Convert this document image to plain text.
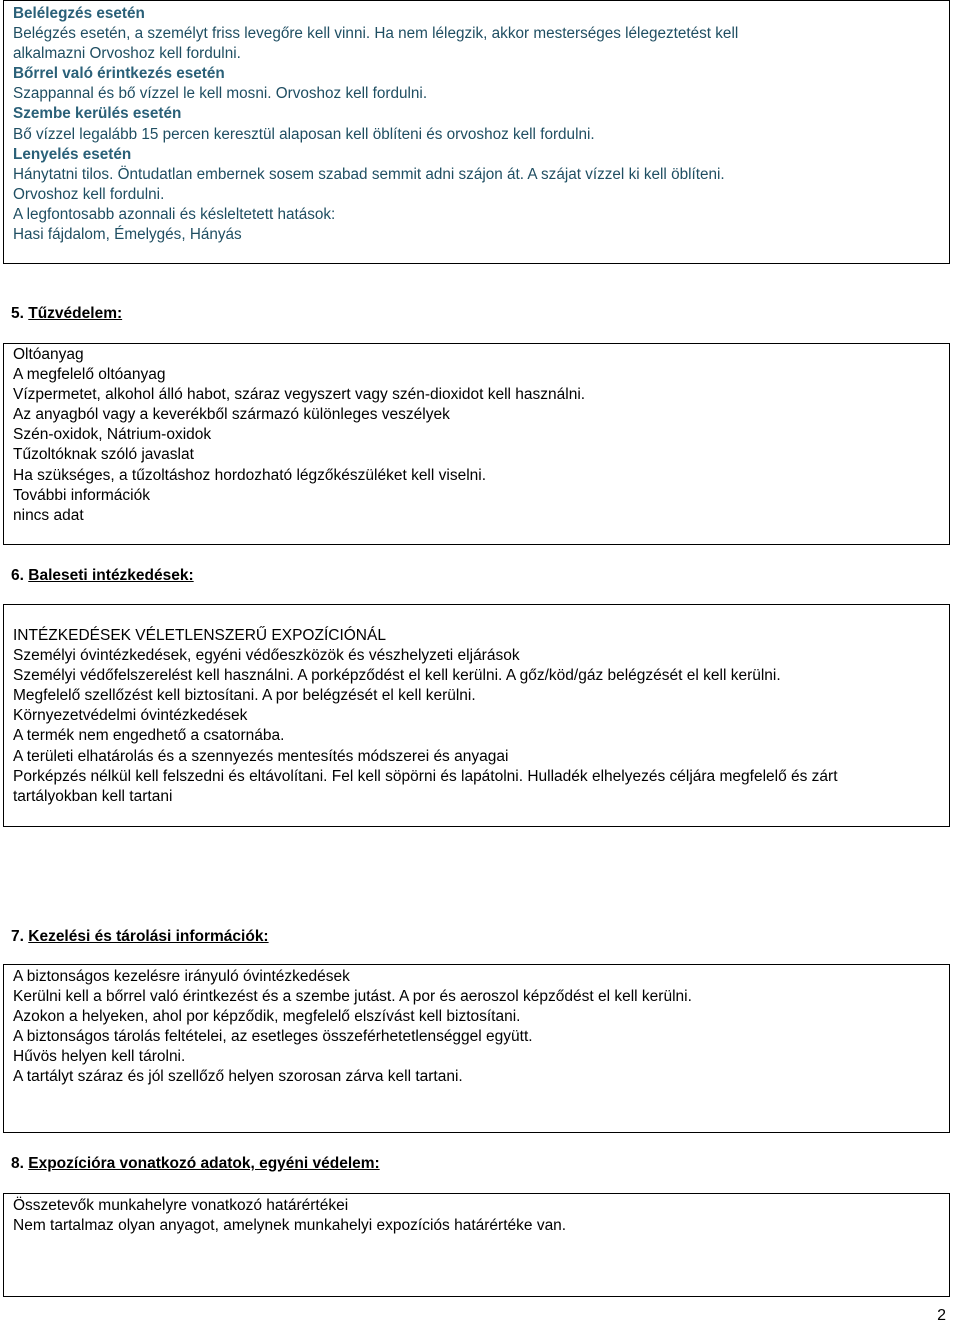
Belélegzés esetén
Belégzés esetén, a személyt friss levegőre kell vinni. Ha nem lélegzik, akkor mesterséges lélegeztetést kell
alkalmazni Orvoshoz kell fordulni.
Bőrrel való érintkezés esetén
Szappannal és bő vízzel le kell mosni. Orvoshoz kell fordulni.
Szembe kerülés esetén
Bő vízzel legalább 15 percen keresztül alaposan kell öblíteni és orvoshoz kell fordulni.
Lenyelés esetén
Hánytatni tilos. Öntudatlan embernek sosem szabad semmit adni szájon át. A szájat vízzel ki kell öblíteni.
Orvoshoz kell fordulni.
A legfontosabb azonnali és késleltetett hatások:
Hasi fájdalom, Émelygés, Hányás
5. Tűzvédelem:
Oltóanyag
A megfelelő oltóanyag
Vízpermetet, alkohol álló habot, száraz vegyszert vagy szén-dioxidot kell használni.
Az anyagból vagy a keverékből származó különleges veszélyek
Szén-oxidok, Nátrium-oxidok
Tűzoltóknak szóló javaslat
Ha szükséges, a tűzoltáshoz hordozható légzőkészüléket kell viselni.
További információk
nincs adat
6. Baleseti intézkedések:
INTÉZKEDÉSEK VÉLETLENSZERŰ EXPOZÍCIÓNÁL
Személyi óvintézkedések, egyéni védőeszközök és vészhelyzeti eljárások
Személyi védőfelszerelést kell használni. A porképződést el kell kerülni. A gőz/köd/gáz belégzését el kell kerülni.
Megfelelő szellőzést kell biztosítani. A por belégzését el kell kerülni.
Környezetvédelmi óvintézkedések
A termék nem engedhető a csatornába.
A területi elhatárolás és a szennyezés mentesítés módszerei és anyagai
Porképzés nélkül kell felszedni és eltávolítani. Fel kell söpörni és lapátolni. Hulladék elhelyezés céljára megfelelő és zárt
tartályokban kell tartani
7. Kezelési és tárolási információk:
A biztonságos kezelésre irányuló óvintézkedések
Kerülni kell a bőrrel való érintkezést és a szembe jutást. A por és aeroszol képződést el kell kerülni.
Azokon a helyeken, ahol por képződik, megfelelő elszívást kell biztosítani.
A biztonságos tárolás feltételei, az esetleges összeférhetetlenséggel együtt.
Hűvös helyen kell tárolni.
A tartályt száraz és jól szellőző helyen szorosan zárva kell tartani.
8. Expozícióra vonatkozó adatok, egyéni védelem:
Összetevők munkahelyre vonatkozó határértékei
Nem tartalmaz olyan anyagot, amelynek munkahelyi expozíciós határértéke van.
2
